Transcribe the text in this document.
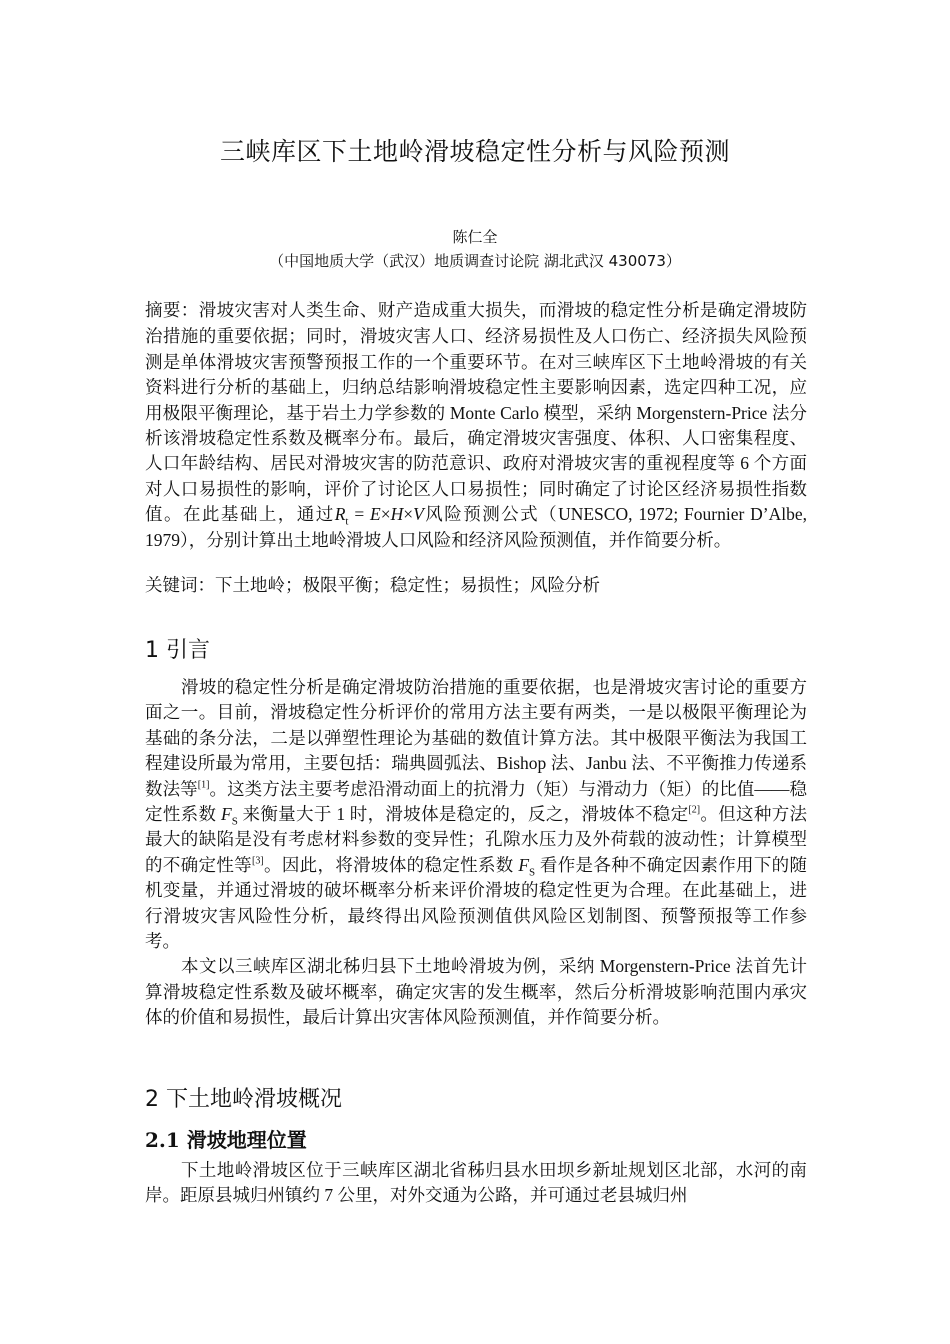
三峡库区下土地岭滑坡稳定性分析与风险预测
陈仁全
（中国地质大学（武汉）地质调查讨论院 湖北武汉 430073）
摘要：滑坡灾害对人类生命、财产造成重大损失，而滑坡的稳定性分析是确定滑坡防治措施的重要依据；同时，滑坡灾害人口、经济易损性及人口伤亡、经济损失风险预测是单体滑坡灾害预警预报工作的一个重要环节。在对三峡库区下土地岭滑坡的有关资料进行分析的基础上，归纳总结影响滑坡稳定性主要影响因素，选定四种工况，应用极限平衡理论，基于岩土力学参数的 Monte Carlo 模型，采纳 Morgenstern-Price 法分析该滑坡稳定性系数及概率分布。最后，确定滑坡灾害强度、体积、人口密集程度、人口年龄结构、居民对滑坡灾害的防范意识、政府对滑坡灾害的重视程度等 6 个方面对人口易损性的影响，评价了讨论区人口易损性；同时确定了讨论区经济易损性指数值。在此基础上，通过$R_t = E\times H\times V$风险预测公式（UNESCO, 1972; Fournier D’Albe, 1979），分别计算出土地岭滑坡人口风险和经济风险预测值，并作简要分析。
关键词：下土地岭；极限平衡；稳定性；易损性；风险分析
1 引言

滑坡的稳定性分析是确定滑坡防治措施的重要依据，也是滑坡灾害讨论的重要方面之一。目前，滑坡稳定性分析评价的常用方法主要有两类，一是以极限平衡理论为基础的条分法，二是以弹塑性理论为基础的数值计算方法。其中极限平衡法为我国工程建设所最为常用，主要包括：瑞典圆弧法、Bishop 法、Janbu 法、不平衡推力传递系数法等[1]。这类方法主要考虑沿滑动面上的抗滑力（矩）与滑动力（矩）的比值——稳定性系数 $F_S$ 来衡量大于 1 时，滑坡体是稳定的，反之，滑坡体不稳定[2]。但这种方法最大的缺陷是没有考虑材料参数的变异性；孔隙水压力及外荷载的波动性；计算模型的不确定性等[3]。因此，将滑坡体的稳定性系数 $F_S$ 看作是各种不确定因素作用下的随机变量，并通过滑坡的破坏概率分析来评价滑坡的稳定性更为合理。在此基础上，进行滑坡灾害风险性分析，最终得出风险预测值供风险区划制图、预警预报等工作参考。

本文以三峡库区湖北秭归县下土地岭滑坡为例，采纳 Morgenstern-Price 法首先计算滑坡稳定性系数及破坏概率，确定灾害的发生概率，然后分析滑坡影响范围内承灾体的价值和易损性，最后计算出灾害体风险预测值，并作简要分析。

2 下土地岭滑坡概况
2.1 滑坡地理位置

下土地岭滑坡区位于三峡库区湖北省秭归县水田坝乡新址规划区北部，水河的南岸。距原县城归州镇约 7 公里，对外交通为公路，并可通过老县城归州
